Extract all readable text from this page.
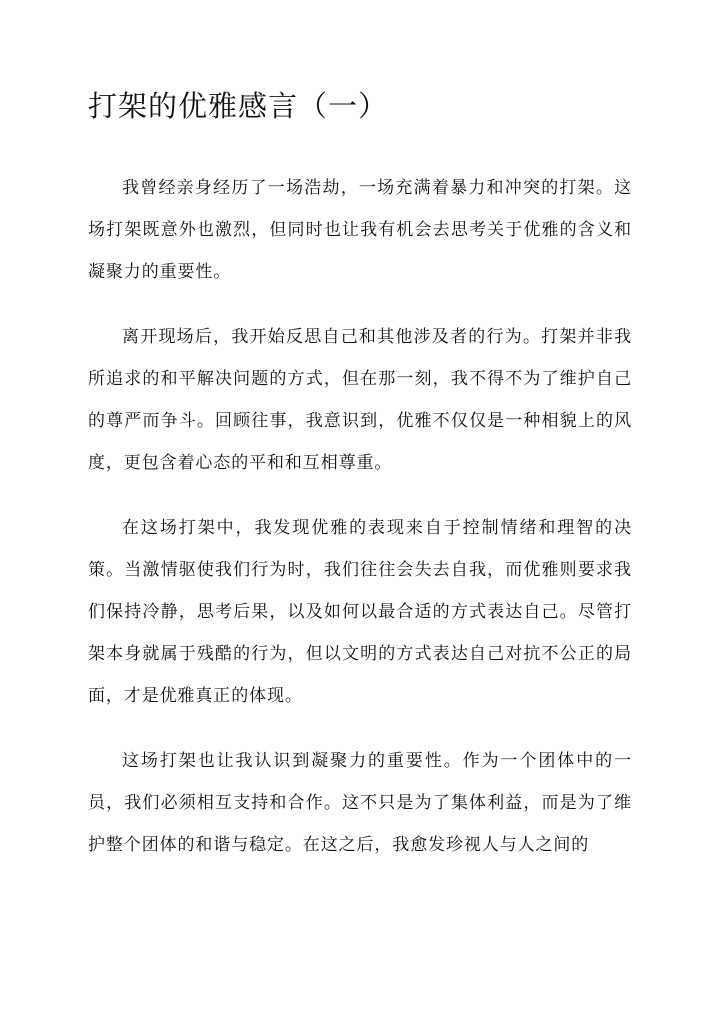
打架的优雅感言（一）

我曾经亲身经历了一场浩劫，一场充满着暴力和冲突的打架。这场打架既意外也激烈，但同时也让我有机会去思考关于优雅的含义和凝聚力的重要性。

离开现场后，我开始反思自己和其他涉及者的行为。打架并非我所追求的和平解决问题的方式，但在那一刻，我不得不为了维护自己的尊严而争斗。回顾往事，我意识到，优雅不仅仅是一种相貌上的风度，更包含着心态的平和和互相尊重。

在这场打架中，我发现优雅的表现来自于控制情绪和理智的决策。当激情驱使我们行为时，我们往往会失去自我，而优雅则要求我们保持冷静，思考后果，以及如何以最合适的方式表达自己。尽管打架本身就属于残酷的行为，但以文明的方式表达自己对抗不公正的局面，才是优雅真正的体现。

这场打架也让我认识到凝聚力的重要性。作为一个团体中的一员，我们必须相互支持和合作。这不只是为了集体利益，而是为了维护整个团体的和谐与稳定。在这之后，我愈发珍视人与人之间的
